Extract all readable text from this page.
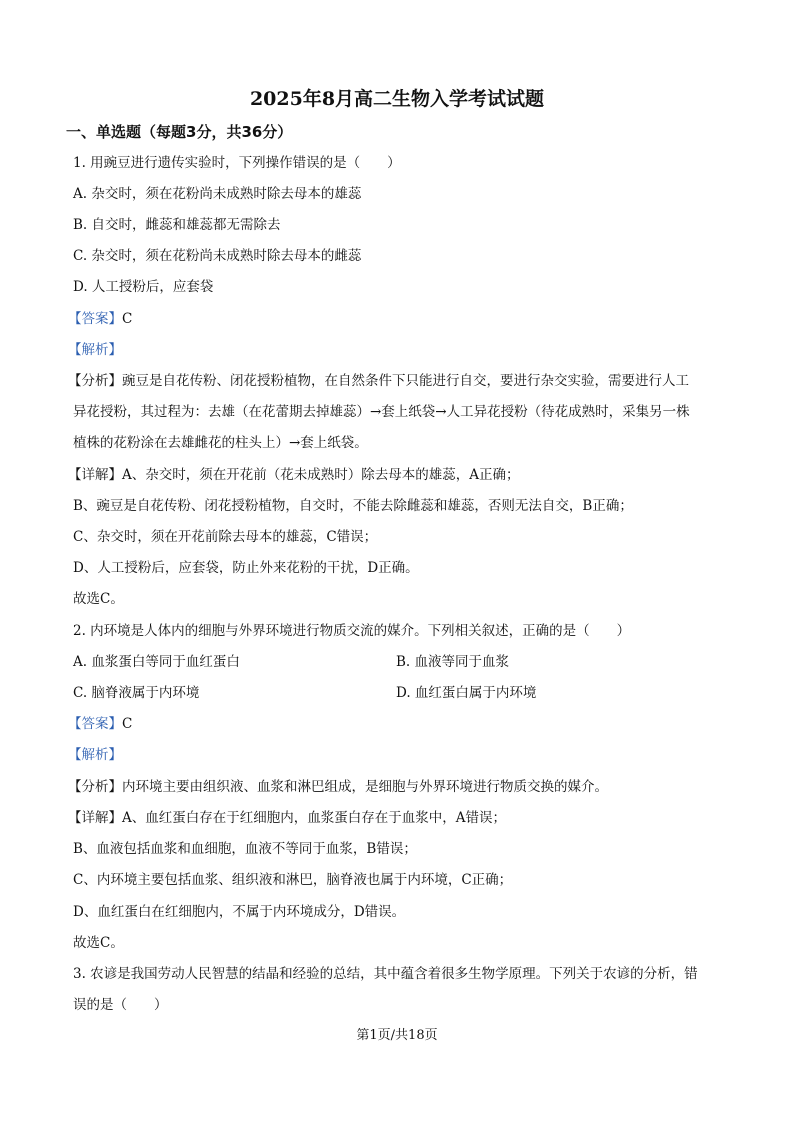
2025年8月高二生物入学考试试题
一、单选题（每题3分，共36分）
1. 用豌豆进行遗传实验时，下列操作错误的是（　　）
A. 杂交时，须在花粉尚未成熟时除去母本的雄蕊
B. 自交时，雌蕊和雄蕊都无需除去
C. 杂交时，须在花粉尚未成熟时除去母本的雌蕊
D. 人工授粉后，应套袋
【答案】C
【解析】
【分析】豌豆是自花传粉、闭花授粉植物，在自然条件下只能进行自交，要进行杂交实验，需要进行人工
异花授粉，其过程为：去雄（在花蕾期去掉雄蕊）→套上纸袋→人工异花授粉（待花成熟时，采集另一株
植株的花粉涂在去雄雌花的柱头上）→套上纸袋。
【详解】A、杂交时，须在开花前（花未成熟时）除去母本的雄蕊，A正确；
B、豌豆是自花传粉、闭花授粉植物，自交时，不能去除雌蕊和雄蕊，否则无法自交，B正确；
C、杂交时，须在开花前除去母本的雄蕊，C错误；
D、人工授粉后，应套袋，防止外来花粉的干扰，D正确。
故选C。
2. 内环境是人体内的细胞与外界环境进行物质交流的媒介。下列相关叙述，正确的是（　　）
A. 血浆蛋白等同于血红蛋白	B. 血液等同于血浆
C. 脑脊液属于内环境	D. 血红蛋白属于内环境
【答案】C
【解析】
【分析】内环境主要由组织液、血浆和淋巴组成，是细胞与外界环境进行物质交换的媒介。
【详解】A、血红蛋白存在于红细胞内，血浆蛋白存在于血浆中，A错误；
B、血液包括血浆和血细胞，血液不等同于血浆，B错误；
C、内环境主要包括血浆、组织液和淋巴，脑脊液也属于内环境，C正确；
D、血红蛋白在红细胞内，不属于内环境成分，D错误。
故选C。
3. 农谚是我国劳动人民智慧的结晶和经验的总结，其中蕴含着很多生物学原理。下列关于农谚的分析，错
误的是（　　）
第1页/共18页
